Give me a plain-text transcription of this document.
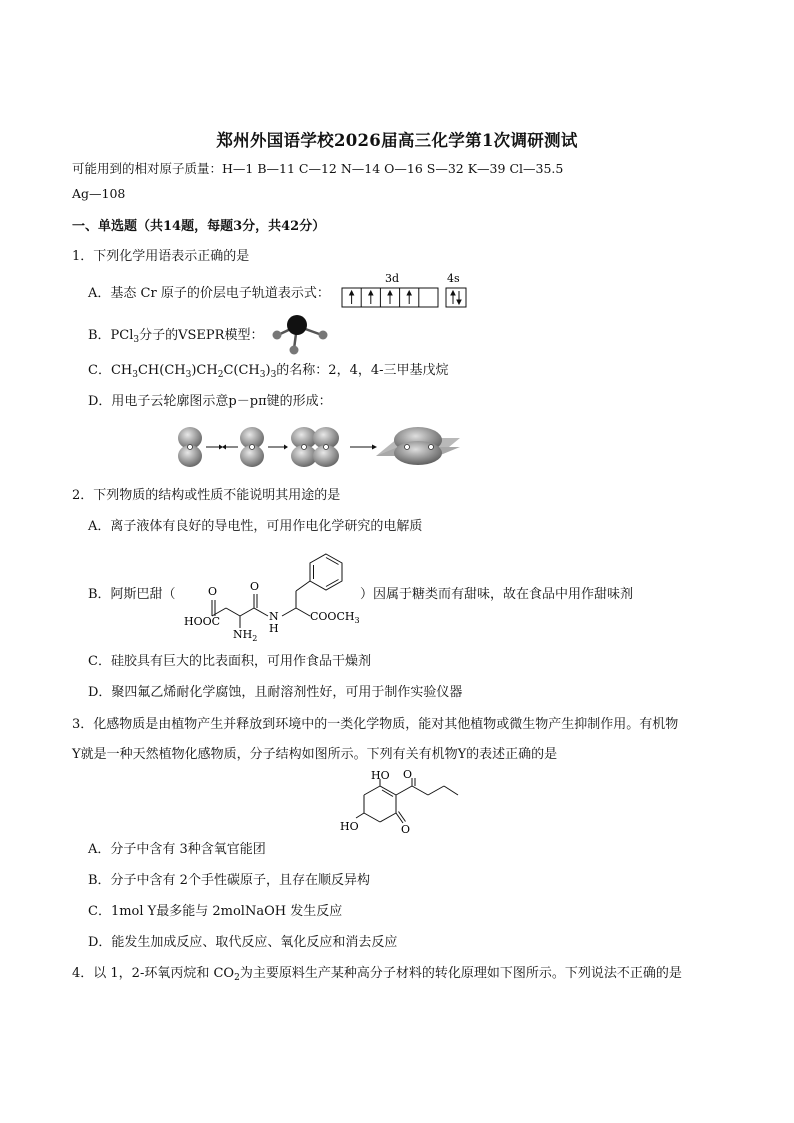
郑州外国语学校2026届高三化学第1次调研测试
可能用到的相对原子质量：H—1 B—11 C—12 N—14 O—16 S—32 K—39 Cl—35.5
Ag—108
一、单选题（共14题，每题3分，共42分）
1．下列化学用语表示正确的是
A．基态 Cr 原子的价层电子轨道表示式：
3d	4s
B．PCl$_3$分子的VSEPR模型：
C．$CH_3CH(CH_3)CH_2C(CH_3)_3$的名称：2，4，4-三甲基戊烷
D．用电子云轮廓图示意p－pπ键的形成：
2．下列物质的结构或性质不能说明其用途的是
A．离子液体有良好的导电性，可用作电化学研究的电解质
B．阿斯巴甜（
HOOC
O	O
$NH_2$
N
H
$COOCH_3$
）因属于糖类而有甜味，故在食品中用作甜味剂
C．硅胶具有巨大的比表面积，可用作食品干燥剂
D．聚四氟乙烯耐化学腐蚀，且耐溶剂性好，可用于制作实验仪器
3．化感物质是由植物产生并释放到环境中的一类化学物质，能对其他植物或微生物产生抑制作用。有机物
Y就是一种天然植物化感物质，分子结构如图所示。下列有关有机物Y的表述正确的是
HO
HO
O
O
A．分子中含有 3种含氧官能团
B．分子中含有 2个手性碳原子，且存在顺反异构
C．1mol Y最多能与 2molNaOH 发生反应
D．能发生加成反应、取代反应、氧化反应和消去反应
4．以 1，2-环氧丙烷和 $CO_2$为主要原料生产某种高分子材料的转化原理如下图所示。下列说法不正确的是
